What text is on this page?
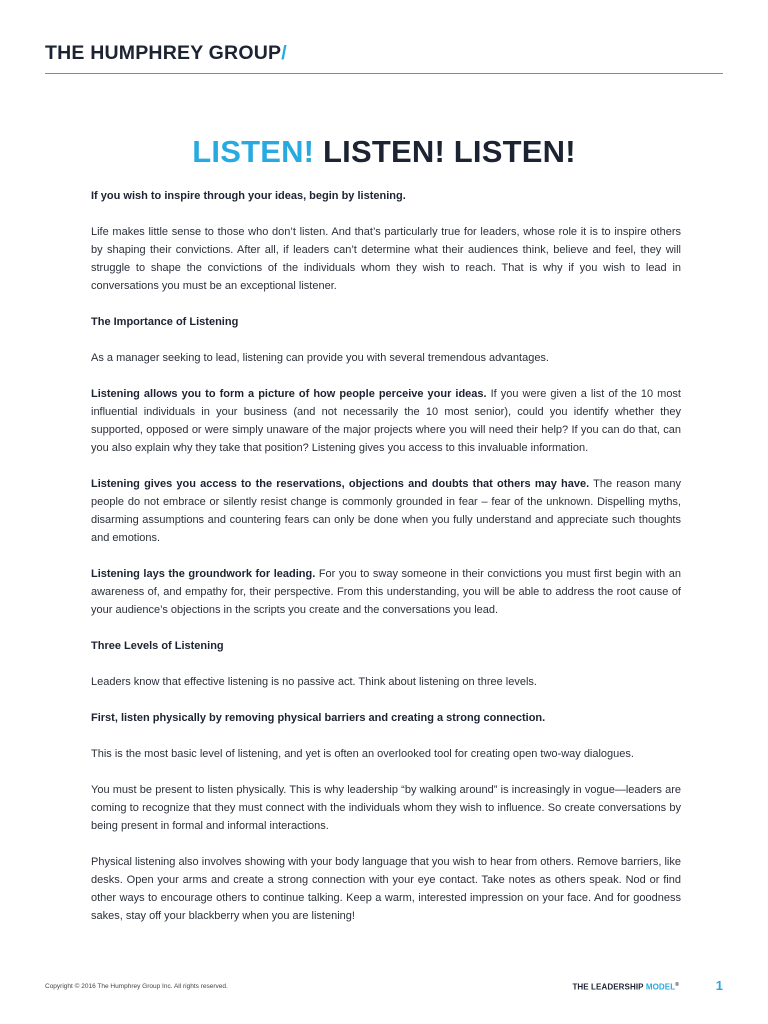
THE HUMPHREY GROUP/
LISTEN! LISTEN! LISTEN!

If you wish to inspire through your ideas, begin by listening.

Life makes little sense to those who don’t listen. And that’s particularly true for leaders, whose role it is to inspire others by shaping their convictions. After all, if leaders can’t determine what their audiences think, believe and feel, they will struggle to shape the convictions of the individuals whom they wish to reach. That is why if you wish to lead in conversations you must be an exceptional listener.

The Importance of Listening

As a manager seeking to lead, listening can provide you with several tremendous advantages.

Listening allows you to form a picture of how people perceive your ideas. If you were given a list of the 10 most influential individuals in your business (and not necessarily the 10 most senior), could you identify whether they supported, opposed or were simply unaware of the major projects where you will need their help? If you can do that, can you also explain why they take that position? Listening gives you access to this invaluable information.

Listening gives you access to the reservations, objections and doubts that others may have. The reason many people do not embrace or silently resist change is commonly grounded in fear – fear of the unknown. Dispelling myths, disarming assumptions and countering fears can only be done when you fully understand and appreciate such thoughts and emotions.

Listening lays the groundwork for leading. For you to sway someone in their convictions you must first begin with an awareness of, and empathy for, their perspective. From this understanding, you will be able to address the root cause of your audience’s objections in the scripts you create and the conversations you lead.

Three Levels of Listening

Leaders know that effective listening is no passive act. Think about listening on three levels.

First, listen physically by removing physical barriers and creating a strong connection.

This is the most basic level of listening, and yet is often an overlooked tool for creating open two-way dialogues.

You must be present to listen physically. This is why leadership “by walking around” is increasingly in vogue—leaders are coming to recognize that they must connect with the individuals whom they wish to influence. So create conversations by being present in formal and informal interactions.

Physical listening also involves showing with your body language that you wish to hear from others. Remove barriers, like desks. Open your arms and create a strong connection with your eye contact. Take notes as others speak. Nod or find other ways to encourage others to continue talking. Keep a warm, interested impression on your face. And for goodness sakes, stay off your blackberry when you are listening!

Copyright © 2016 The Humphrey Group Inc. All rights reserved.	THE LEADERSHIP MODEL®	1
